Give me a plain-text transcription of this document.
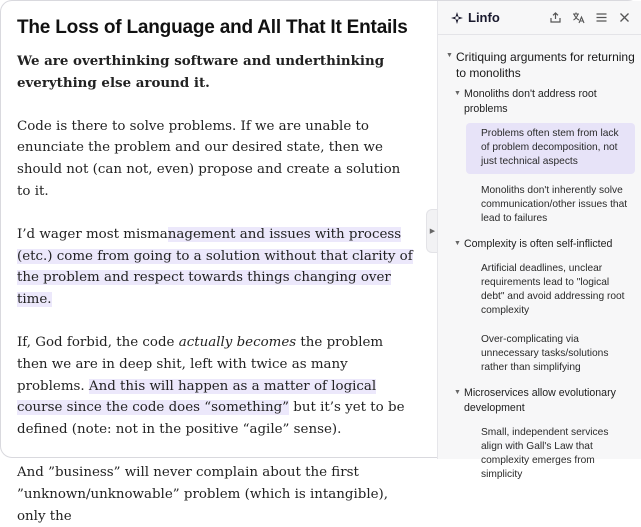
The Loss of Language and All That It Entails

We are overthinking software and underthinking everything else around it.

Code is there to solve problems. If we are unable to enunciate the problem and our desired state, then we should not (can not, even) propose and create a solution to it.

I’d wager most mismanagement and issues with process (etc.) come from going to a solution without that clarity of the problem and respect towards things changing over time.

If, God forbid, the code actually becomes the problem then we are in deep shit, left with twice as many problems. And this will happen as a matter of logical course since the code does “something” but it’s yet to be defined (note: not in the positive “agile” sense).

And ”business” will never complain about the first ”unknown/unknowable” problem (which is intangible), only the

▶
Linfo
▼ Critiquing arguments for returning to monoliths
▼ Monoliths don't address root problems
Problems often stem from lack of problem decomposition, not just technical aspects
Monoliths don't inherently solve communication/other issues that lead to failures
▼ Complexity is often self-inflicted
Artificial deadlines, unclear requirements lead to "logical debt" and avoid addressing root complexity
Over-complicating via unnecessary tasks/solutions rather than simplifying
▼ Microservices allow evolutionary development
Small, independent services align with Gall's Law that complexity emerges from simplicity
